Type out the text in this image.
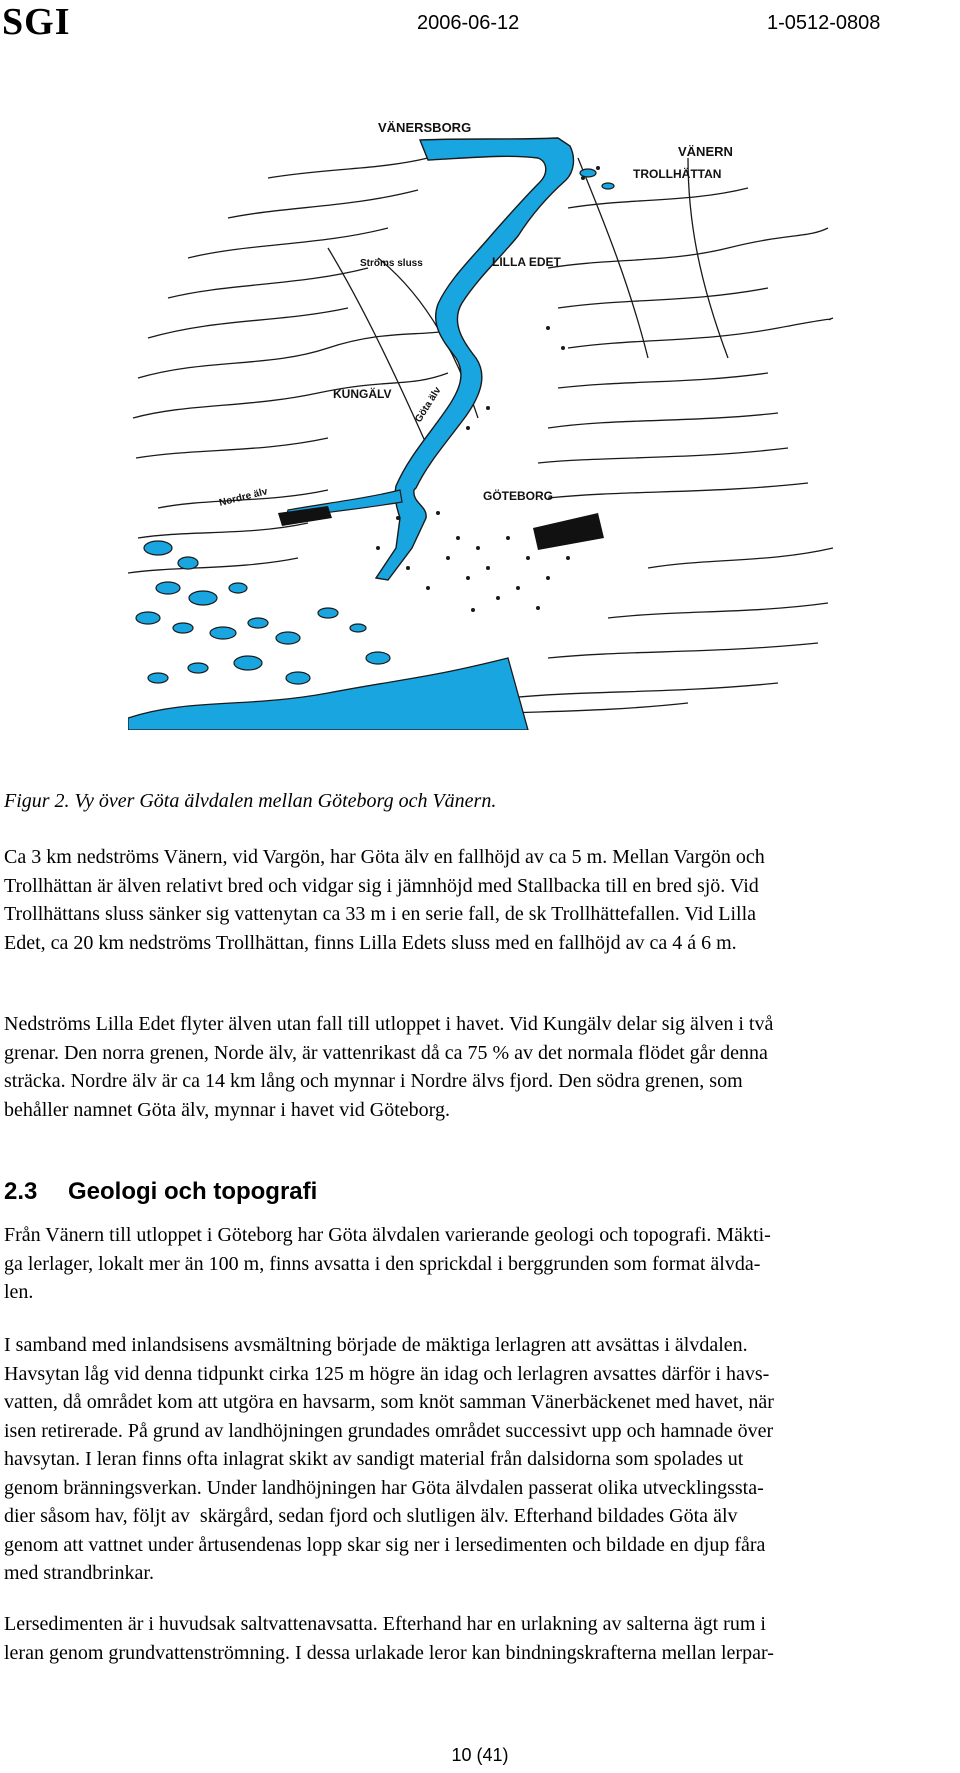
SGI	2006-06-12	1-0512-0808
VÄNERSBORG
VÄNERN
TROLLHÄTTAN
Ströms sluss	LILLA EDET
KUNGÄLV Göta älv
Nordre älv	GÖTEBORG
Figur 2. Vy över Göta älvdalen mellan Göteborg och Vänern.
Ca 3 km nedströms Vänern, vid Vargön, har Göta älv en fallhöjd av ca 5 m. Mellan Vargön och
Trollhättan är älven relativt bred och vidgar sig i jämnhöjd med Stallbacka till en bred sjö. Vid
Trollhättans sluss sänker sig vattenytan ca 33 m i en serie fall, de sk Trollhättefallen. Vid Lilla
Edet, ca 20 km nedströms Trollhättan, finns Lilla Edets sluss med en fallhöjd av ca 4 á 6 m.
Nedströms Lilla Edet flyter älven utan fall till utloppet i havet. Vid Kungälv delar sig älven i två
grenar. Den norra grenen, Norde älv, är vattenrikast då ca 75 % av det normala flödet går denna
sträcka. Nordre älv är ca 14 km lång och mynnar i Nordre älvs fjord. Den södra grenen, som
behåller namnet Göta älv, mynnar i havet vid Göteborg.
2.3 Geologi och topografi
Från Vänern till utloppet i Göteborg har Göta älvdalen varierande geologi och topografi. Mäkti-
ga lerlager, lokalt mer än 100 m, finns avsatta i den sprickdal i berggrunden som format älvda-
len.
I samband med inlandsisens avsmältning började de mäktiga lerlagren att avsättas i älvdalen.
Havsytan låg vid denna tidpunkt cirka 125 m högre än idag och lerlagren avsattes därför i havs-
vatten, då området kom att utgöra en havsarm, som knöt samman Vänerbäckenet med havet, när
isen retirerade. På grund av landhöjningen grundades området successivt upp och hamnade över
havsytan. I leran finns ofta inlagrat skikt av sandigt material från dalsidorna som spolades ut
genom bränningsverkan. Under landhöjningen har Göta älvdalen passerat olika utvecklingssta-
dier såsom hav, följt av  skärgård, sedan fjord och slutligen älv. Efterhand bildades Göta älv
genom att vattnet under årtusendenas lopp skar sig ner i lersedimenten och bildade en djup fåra
med strandbrinkar.
Lersedimenten är i huvudsak saltvattenavsatta. Efterhand har en urlakning av salterna ägt rum i
leran genom grundvattenströmning. I dessa urlakade leror kan bindningskrafterna mellan lerpar-
10 (41)
